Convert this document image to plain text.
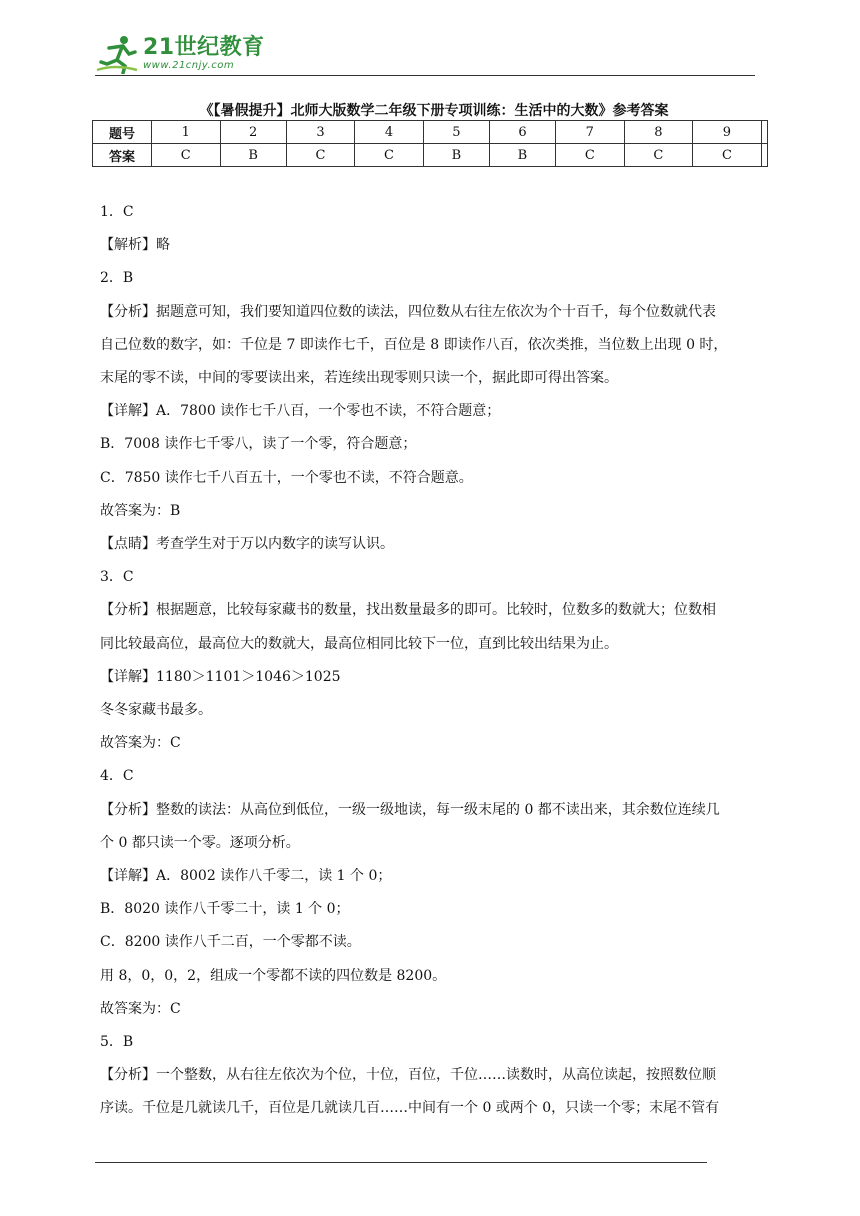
21世纪教育
www.21cnjy.com
《【暑假提升】北师大版数学二年级下册专项训练：生活中的大数》参考答案
题号	1	2	3	4	5	6	7	8	9	
答案	C	B	C	C	B	B	C	C	C	

1．C

【解析】略

2．B

【分析】据题意可知，我们要知道四位数的读法，四位数从右往左依次为个十百千，每个位数就代表

自己位数的数字，如：千位是 7 即读作七千，百位是 8 即读作八百，依次类推，当位数上出现 0 时，

末尾的零不读，中间的零要读出来，若连续出现零则只读一个，据此即可得出答案。

【详解】A．7800 读作七千八百，一个零也不读，不符合题意；

B．7008 读作七千零八，读了一个零，符合题意；

C．7850 读作七千八百五十，一个零也不读，不符合题意。

故答案为：B

【点睛】考查学生对于万以内数字的读写认识。

3．C

【分析】根据题意，比较每家藏书的数量，找出数量最多的即可。比较时，位数多的数就大；位数相

同比较最高位，最高位大的数就大，最高位相同比较下一位，直到比较出结果为止。

【详解】1180＞1101＞1046＞1025

冬冬家藏书最多。

故答案为：C

4．C

【分析】整数的读法：从高位到低位，一级一级地读，每一级末尾的 0 都不读出来，其余数位连续几

个 0 都只读一个零。逐项分析。

【详解】A．8002 读作八千零二，读 1 个 0；

B．8020 读作八千零二十，读 1 个 0；

C．8200 读作八千二百，一个零都不读。

用 8，0，0，2，组成一个零都不读的四位数是 8200。

故答案为：C

5．B

【分析】一个整数，从右往左依次为个位，十位，百位，千位……读数时，从高位读起，按照数位顺

序读。千位是几就读几千，百位是几就读几百……中间有一个 0 或两个 0，只读一个零；末尾不管有
